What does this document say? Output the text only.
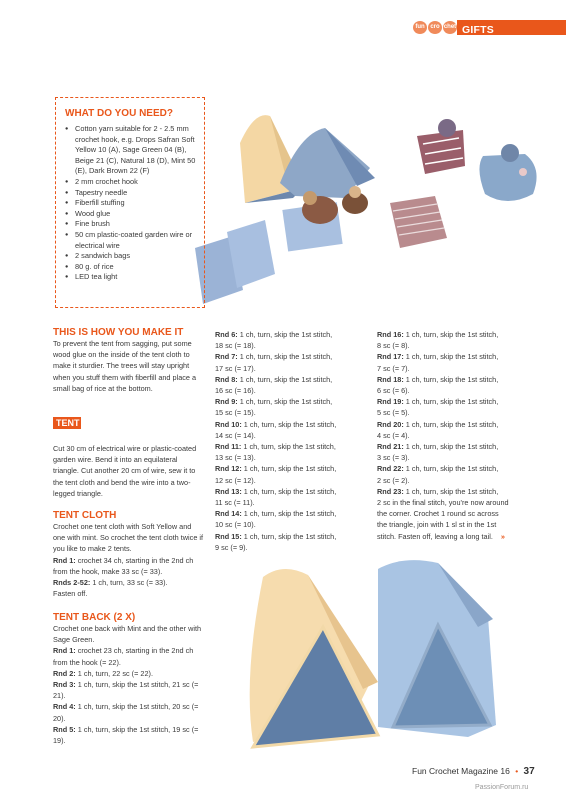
fun cro chet GIFTS
WHAT DO YOU NEED?
● Cotton yarn suitable for 2 - 2.5 mm crochet hook, e.g. Drops Safran Soft Yellow 10 (A), Sage Green 04 (B), Beige 21 (C), Natural 18 (D), Mint 50 (E), Dark Brown 22 (F)
● 2 mm crochet hook
● Tapestry needle
● Fiberfill stuffing
● Wood glue
● Fine brush
● 50 cm plastic-coated garden wire or electrical wire
● 2 sandwich bags
● 80 g. of rice
● LED tea light
THIS IS HOW YOU MAKE IT
To prevent the tent from sagging, put some wood glue on the inside of the tent cloth to make it sturdier. The trees will stay upright when you stuff them with fiberfill and place a small bag of rice at the bottom.
TENT
Cut 30 cm of electrical wire or plastic-coated garden wire. Bend it into an equilateral triangle. Cut another 20 cm of wire, sew it to the tent cloth and bend the wire into a two-legged triangle.
TENT CLOTH
Crochet one tent cloth with Soft Yellow and one with mint. So crochet the tent cloth twice if you like to make 2 tents.
Rnd 1: crochet 34 ch, starting in the 2nd ch from the hook, make 33 sc (= 33).
Rnds 2-52: 1 ch, turn, 33 sc (= 33).
Fasten off.
TENT BACK (2 X)
Crochet one back with Mint and the other with Sage Green.
Rnd 1: crochet 23 ch, starting in the 2nd ch from the hook (= 22).
Rnd 2: 1 ch, turn, 22 sc (= 22).
Rnd 3: 1 ch, turn, skip the 1st stitch, 21 sc (= 21).
Rnd 4: 1 ch, turn, skip the 1st stitch, 20 sc (= 20).
Rnd 5: 1 ch, turn, skip the 1st stitch, 19 sc (= 19).
Rnd 6: 1 ch, turn, skip the 1st stitch,
18 sc (= 18).
Rnd 7: 1 ch, turn, skip the 1st stitch,
17 sc (= 17).
Rnd 8: 1 ch, turn, skip the 1st stitch,
16 sc (= 16).
Rnd 9: 1 ch, turn, skip the 1st stitch,
15 sc (= 15).
Rnd 10: 1 ch, turn, skip the 1st stitch,
14 sc (= 14).
Rnd 11: 1 ch, turn, skip the 1st stitch,
13 sc (= 13).
Rnd 12: 1 ch, turn, skip the 1st stitch,
12 sc (= 12).
Rnd 13: 1 ch, turn, skip the 1st stitch,
11 sc (= 11).
Rnd 14: 1 ch, turn, skip the 1st stitch,
10 sc (= 10).
Rnd 15: 1 ch, turn, skip the 1st stitch,
9 sc (= 9).
Rnd 16: 1 ch, turn, skip the 1st stitch,
8 sc (= 8).
Rnd 17: 1 ch, turn, skip the 1st stitch,
7 sc (= 7).
Rnd 18: 1 ch, turn, skip the 1st stitch,
6 sc (= 6).
Rnd 19: 1 ch, turn, skip the 1st stitch,
5 sc (= 5).
Rnd 20: 1 ch, turn, skip the 1st stitch,
4 sc (= 4).
Rnd 21: 1 ch, turn, skip the 1st stitch,
3 sc (= 3).
Rnd 22: 1 ch, turn, skip the 1st stitch,
2 sc (= 2).
Rnd 23: 1 ch, turn, skip the 1st stitch,
2 sc in the final stitch, you're now around
the corner. Crochet 1 round sc across
the triangle, join with 1 sl st in the 1st
stitch. Fasten off, leaving a long tail. »
Fun Crochet Magazine 16 • 37
PassionForum.ru
